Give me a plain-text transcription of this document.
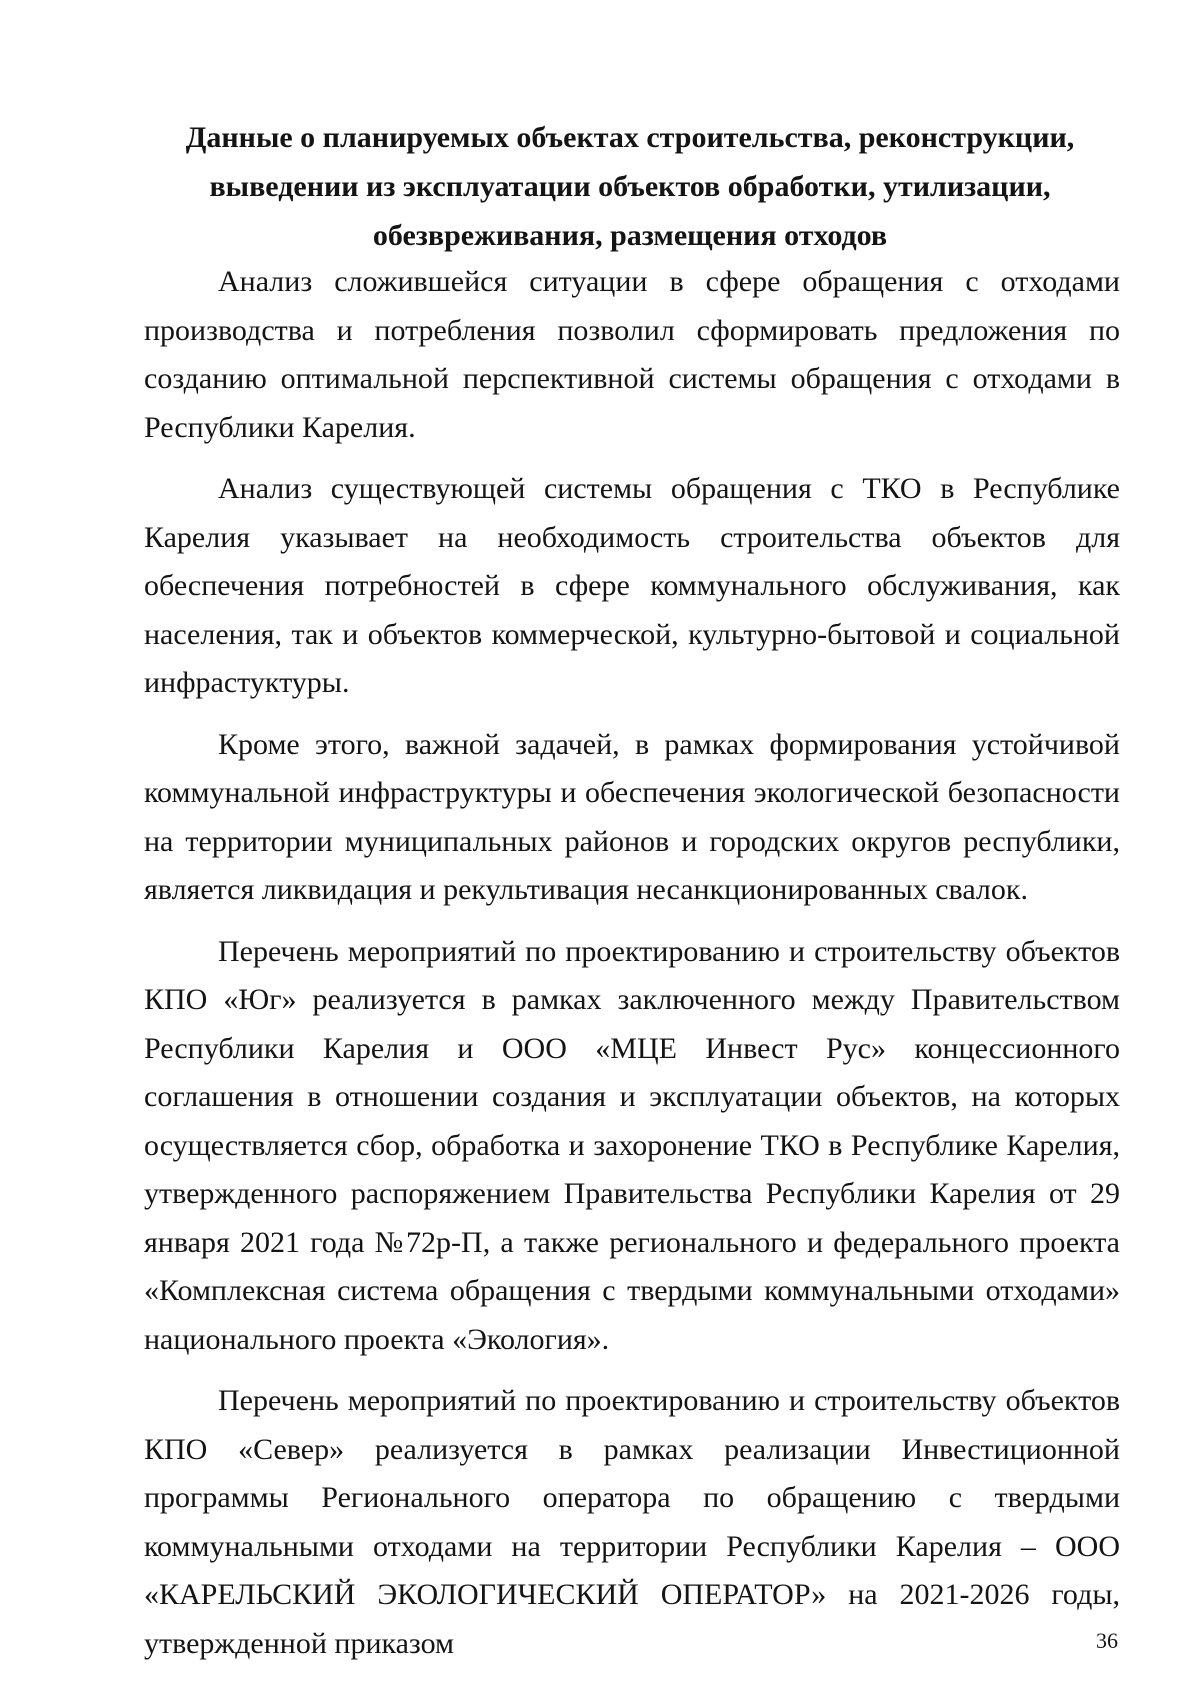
Данные о планируемых объектах строительства, реконструкции,
выведении из эксплуатации объектов обработки, утилизации,
обезвреживания, размещения отходов

Анализ сложившейся ситуации в сфере обращения с отходами производства и потребления позволил сформировать предложения по созданию оптимальной перспективной системы обращения с отходами в Республики Карелия.

Анализ существующей системы обращения с ТКО в Республике Карелия указывает на необходимость строительства объектов для обеспечения потребностей в сфере коммунального обслуживания, как населения, так и объектов коммерческой, культурно-бытовой и социальной инфрастуктуры.

Кроме этого, важной задачей, в рамках формирования устойчивой коммунальной инфраструктуры и обеспечения экологической безопасности на территории муниципальных районов и городских округов республики, является ликвидация и рекультивация несанкционированных свалок.

Перечень мероприятий по проектированию и строительству объектов КПО «Юг» реализуется в рамках заключенного между Правительством Республики Карелия и ООО «МЦЕ Инвест Рус» концессионного соглашения в отношении создания и эксплуатации объектов, на которых осуществляется сбор, обработка и захоронение ТКО в Республике Карелия, утвержденного распоряжением Правительства Республики Карелия от 29 января 2021 года №72р-П, а также регионального и федерального проекта «Комплексная система обращения с твердыми коммунальными отходами» национального проекта «Экология».

Перечень мероприятий по проектированию и строительству объектов КПО «Север» реализуется в рамках реализации Инвестиционной программы Регионального оператора по обращению с твердыми коммунальными отходами на территории Республики Карелия – ООО «КАРЕЛЬСКИЙ ЭКОЛОГИЧЕСКИЙ ОПЕРАТОР» на 2021-2026 годы, утвержденной приказом	36
